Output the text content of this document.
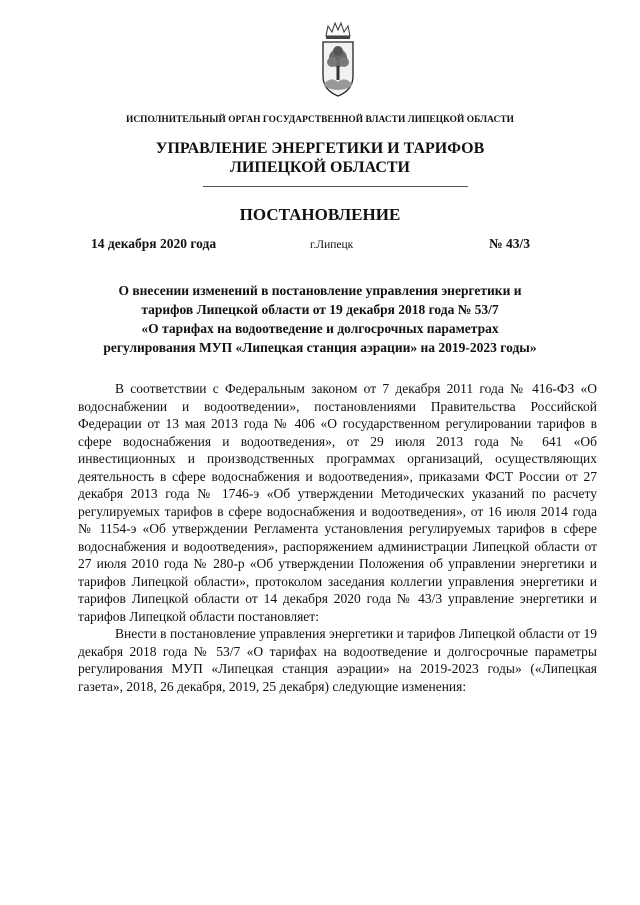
ИСПОЛНИТЕЛЬНЫЙ ОРГАН ГОСУДАРСТВЕННОЙ ВЛАСТИ ЛИПЕЦКОЙ ОБЛАСТИ
УПРАВЛЕНИЕ ЭНЕРГЕТИКИ И ТАРИФОВ
ЛИПЕЦКОЙ ОБЛАСТИ
ПОСТАНОВЛЕНИЕ
14 декабря 2020 года	г.Липецк	№ 43/3
О внесении изменений в постановление управления энергетики и
тарифов Липецкой области от 19 декабря 2018 года № 53/7
«О тарифах на водоотведение и долгосрочных параметрах
регулирования МУП «Липецкая станция аэрации» на 2019-2023 годы»

В соответствии с Федеральным законом от 7 декабря 2011 года № 416-ФЗ «О водоснабжении и водоотведении», постановлениями Правительства Российской Федерации от 13 мая 2013 года № 406 «О государственном регулировании тарифов в сфере водоснабжения и водоотведения», от 29 июля 2013 года № 641 «Об инвестиционных и производственных программах организаций, осуществляющих деятельность в сфере водоснабжения и водоотведения», приказами ФСТ России от 27 декабря 2013 года № 1746-э «Об утверждении Методических указаний по расчету регулируемых тарифов в сфере водоснабжения и водоотведения», от 16 июля 2014 года № 1154-э «Об утверждении Регламента установления регулируемых тарифов в сфере водоснабжения и водоотведения», распоряжением администрации Липецкой области от 27 июля 2010 года № 280-р «Об утверждении Положения об управлении энергетики и тарифов Липецкой области», протоколом заседания коллегии управления энергетики и тарифов Липецкой области от 14 декабря 2020 года № 43/3 управление энергетики и тарифов Липецкой области постановляет:

Внести в постановление управления энергетики и тарифов Липецкой области от 19 декабря 2018 года № 53/7 «О тарифах на водоотведение и долгосрочные параметры регулирования МУП «Липецкая станция аэрации» на 2019-2023 годы» («Липецкая газета», 2018, 26 декабря, 2019, 25 декабря) следующие изменения:
